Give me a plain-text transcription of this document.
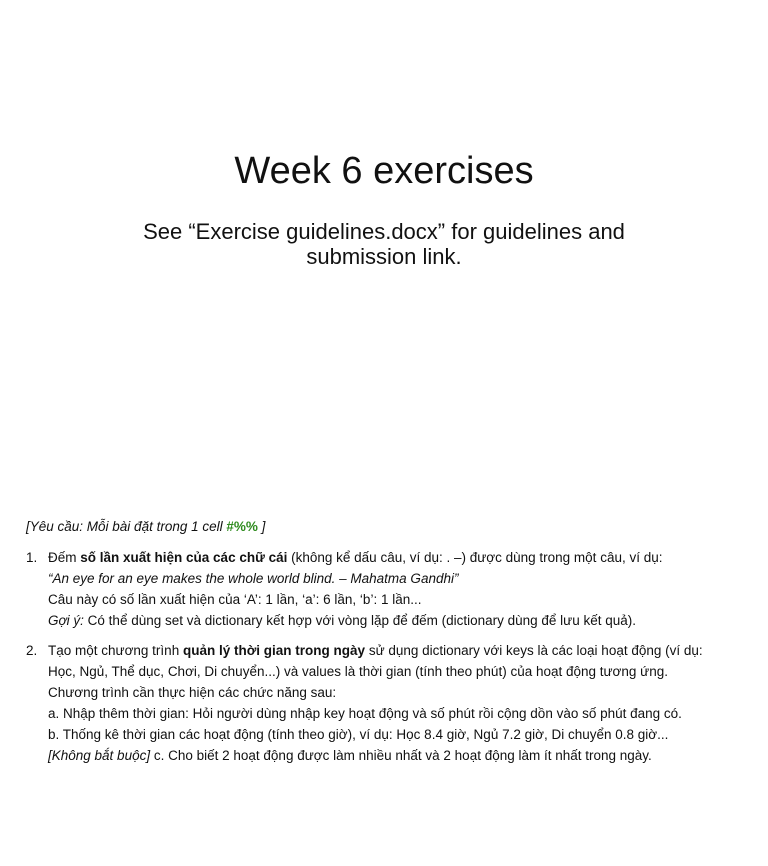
Week 6 exercises

See “Exercise guidelines.docx” for guidelines and submission link.

[Yêu cầu: Mỗi bài đặt trong 1 cell #%% ]
1. Đếm số lần xuất hiện của các chữ cái (không kể dấu câu, ví dụ: . –) được dùng trong một câu, ví dụ:
“An eye for an eye makes the whole world blind. – Mahatma Gandhi”
Câu này có số lần xuất hiện của ‘A’: 1 lần, ‘a’: 6 lần, ‘b’: 1 lần...
Gợi ý: Có thể dùng set và dictionary kết hợp với vòng lặp để đếm (dictionary dùng để lưu kết quả).
2. Tạo một chương trình quản lý thời gian trong ngày sử dụng dictionary với keys là các loại hoạt động (ví dụ:
Học, Ngủ, Thể dục, Chơi, Di chuyển...) và values là thời gian (tính theo phút) của hoạt động tương ứng.
Chương trình cần thực hiện các chức năng sau:
a. Nhập thêm thời gian: Hỏi người dùng nhập key hoạt động và số phút rồi cộng dồn vào số phút đang có.
b. Thống kê thời gian các hoạt động (tính theo giờ), ví dụ: Học 8.4 giờ, Ngủ 7.2 giờ, Di chuyển 0.8 giờ...
[Không bắt buộc] c. Cho biết 2 hoạt động được làm nhiều nhất và 2 hoạt động làm ít nhất trong ngày.
